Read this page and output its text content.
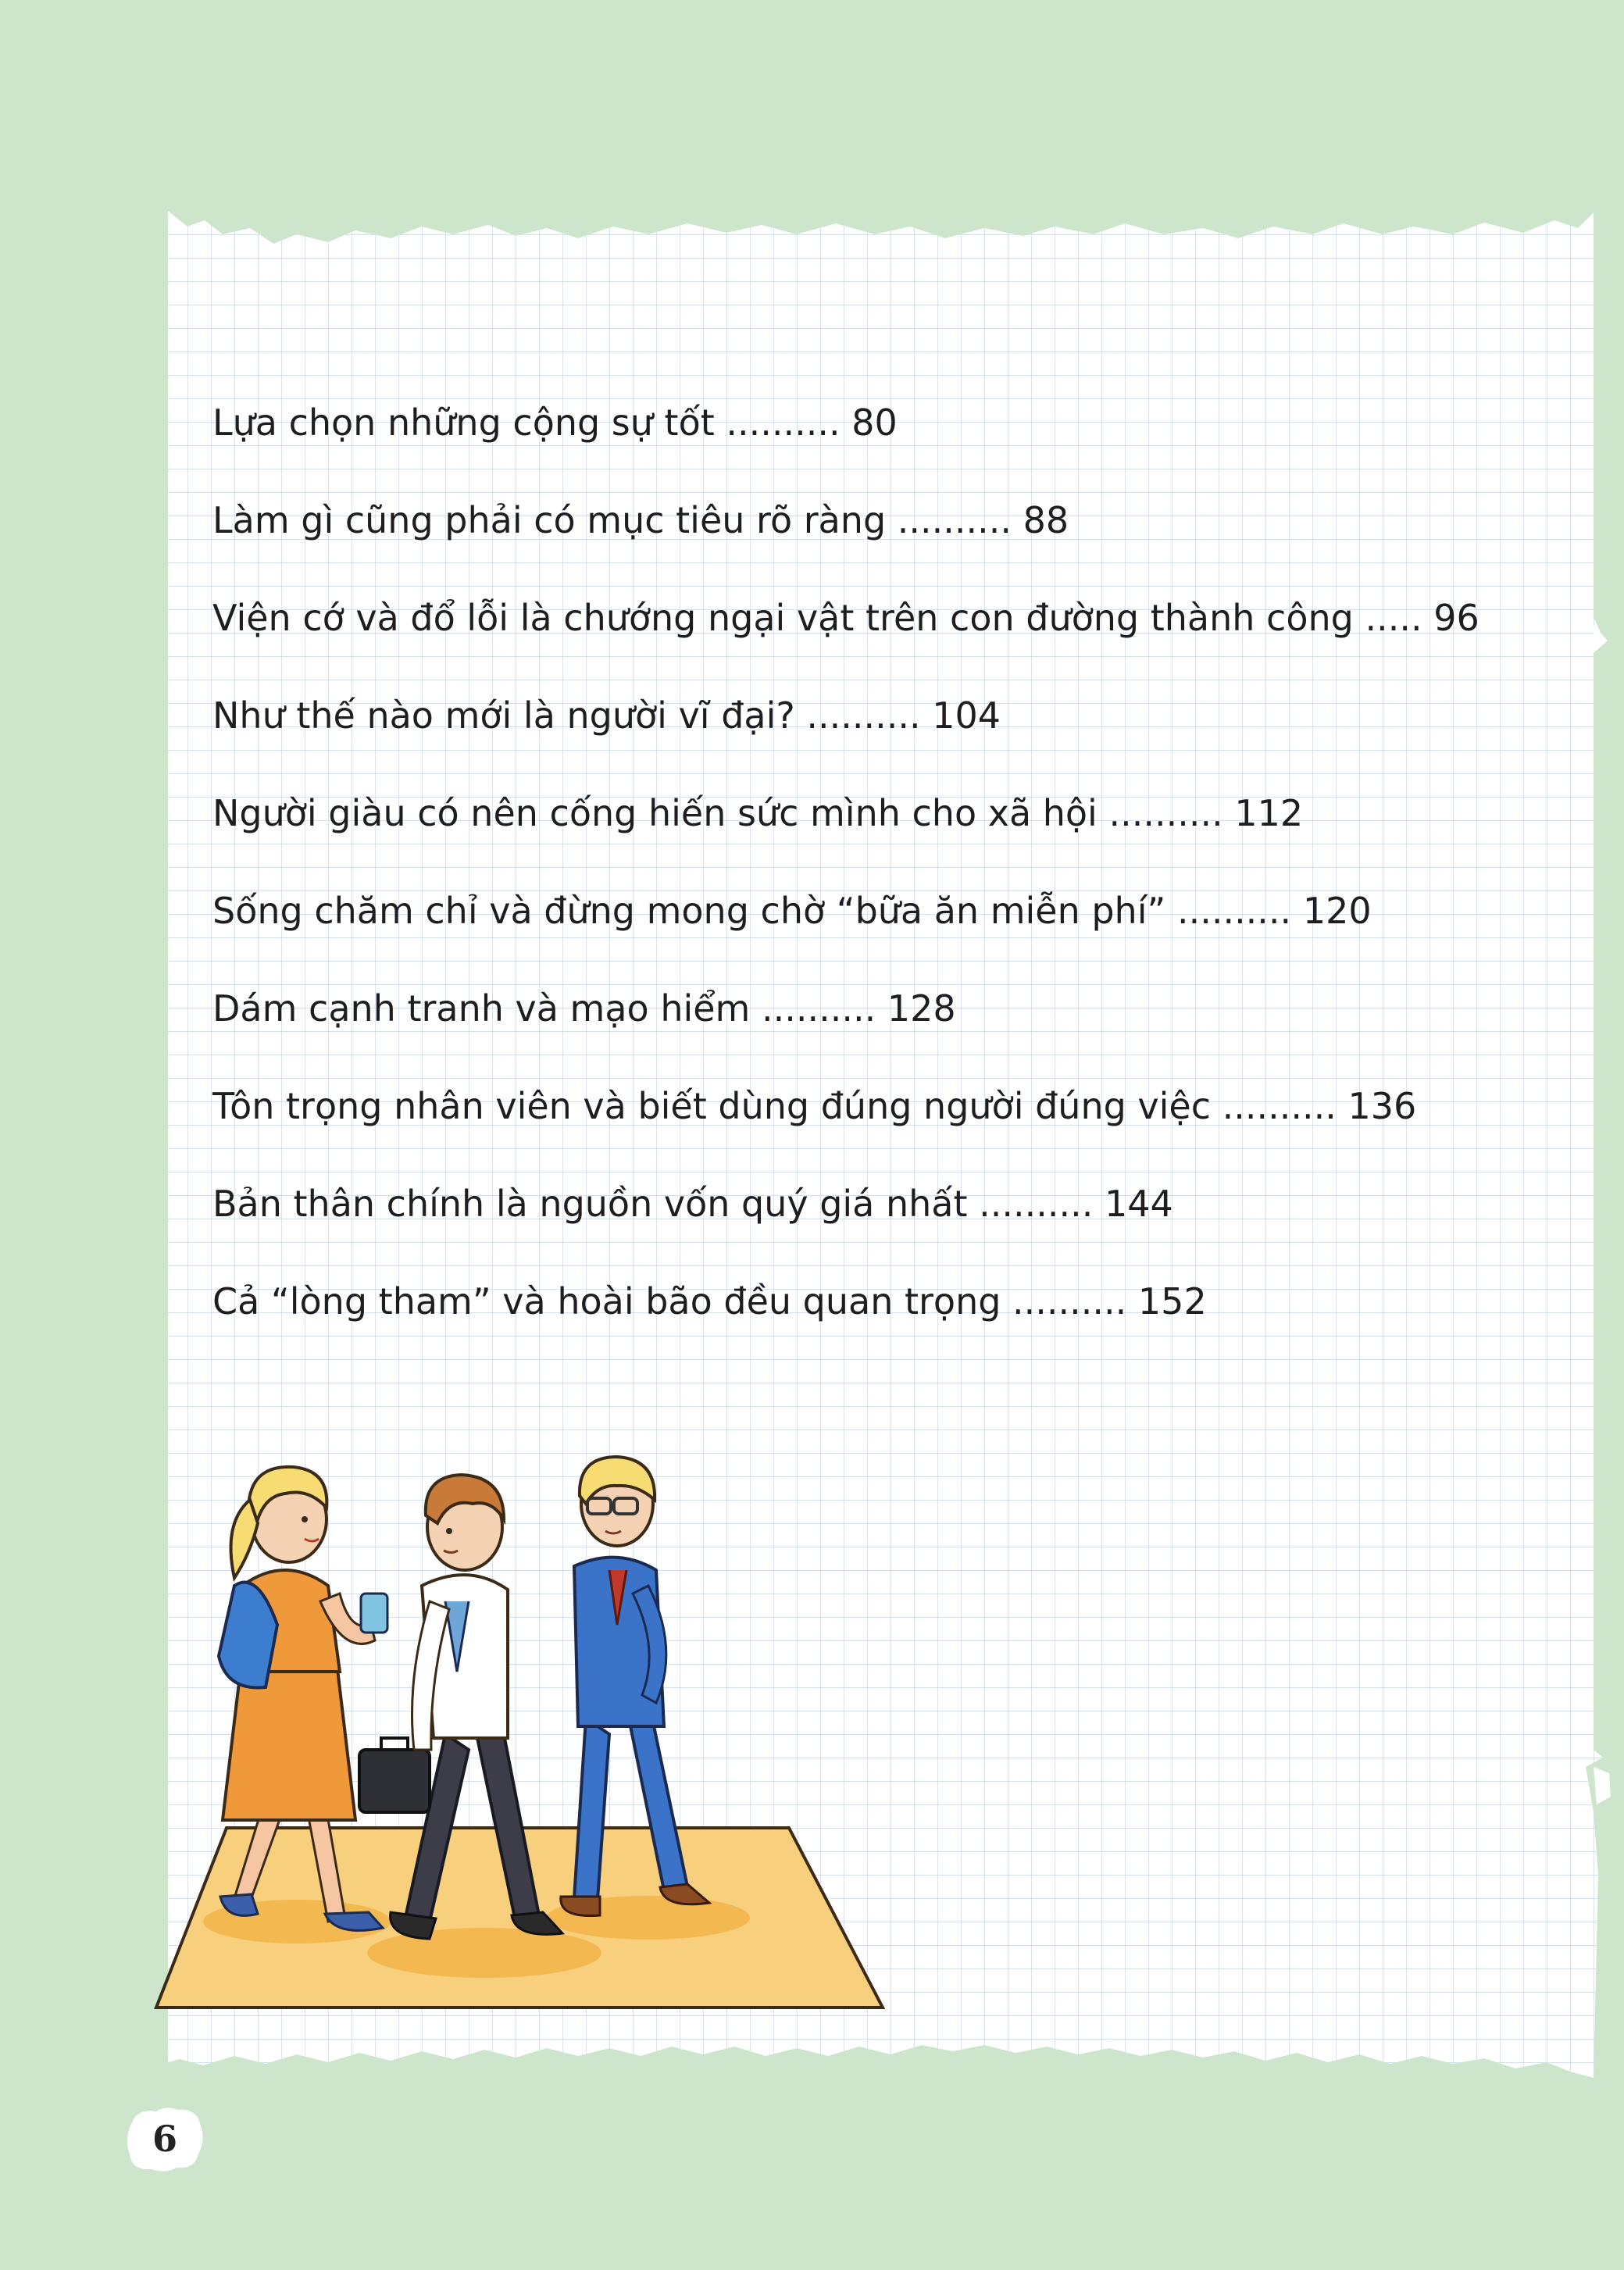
Lựa chọn những cộng sự tốt .......... 80
Làm gì cũng phải có mục tiêu rõ ràng .......... 88
Viện cớ và đổ lỗi là chướng ngại vật trên con đường thành công ..... 96
Như thế nào mới là người vĩ đại? .......... 104
Người giàu có nên cống hiến sức mình cho xã hội .......... 112
Sống chăm chỉ và đừng mong chờ “bữa ăn miễn phí” .......... 120
Dám cạnh tranh và mạo hiểm .......... 128
Tôn trọng nhân viên và biết dùng đúng người đúng việc .......... 136
Bản thân chính là nguồn vốn quý giá nhất .......... 144
Cả “lòng tham” và hoài bão đều quan trọng .......... 152
6
